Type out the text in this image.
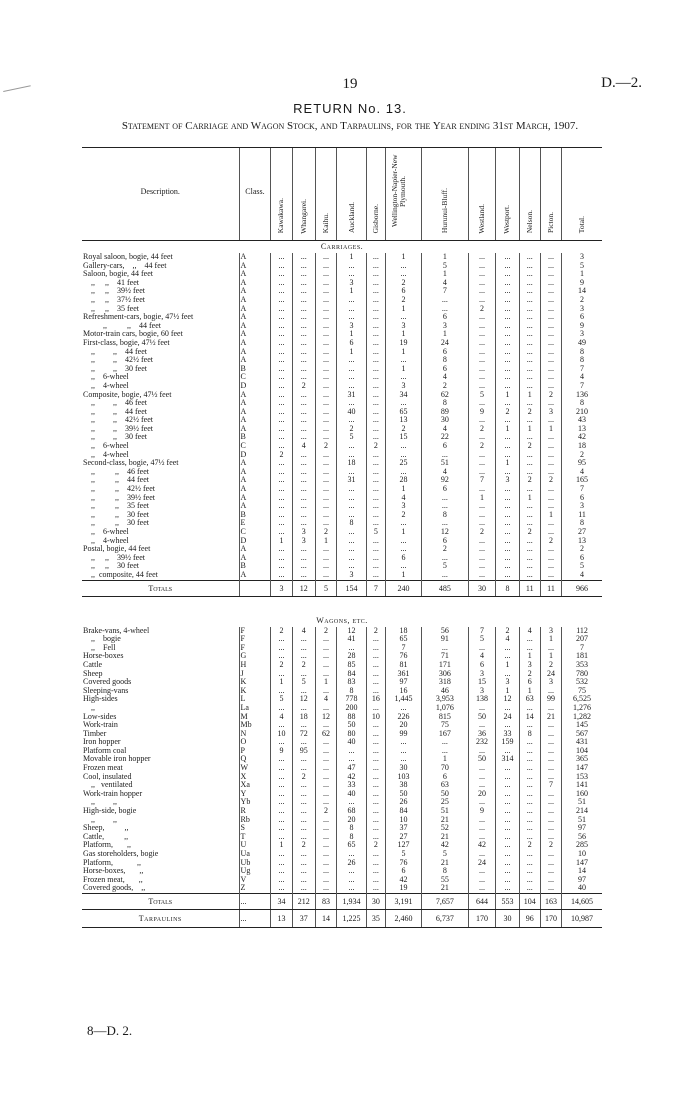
19	D.—2.
RETURN No. 13.
Statement of Carriage and Wagon Stock, and Tarpaulins, for the Year ending 31st March, 1907.
Description.	Class.	Kawakawa.	Whangarei.	Kaihu.	Auckland.	Gisborne.	Wellington-Napier-New Plymouth.	Hurunui-Bluff.	Westland.	Westport.	Nelson.	Picton.	Total.
Carriages.													
Royal saloon, bogie, 44 feet	A	...	...	...	1	...	1	1	...	...	...	...	3
Gallery-cars,    ,,    44 feet	A	...	...	...	...	...	...	5	...	...	...	...	5
Saloon, bogie, 44 feet	A	...	...	...	...	...	...	1	...	...	...	...	1
,,     ,,    41 feet	A	...	...	...	3	...	2	4	...	...	...	...	9
,,     ,,    39½ feet	A	...	...	...	1	...	6	7	...	...	...	...	14
,,     ,,    37½ feet	A	...	...	...	...	...	2	...	...	...	...	...	2
,,     ,,    35 feet	A	...	...	...	...	...	1	...	2	...	...	...	3
Refreshment-cars, bogie, 47½ feet	A	...	...	...	...	...	...	6	...	...	...	...	6
,,          ,,    44 feet	A	...	...	...	3	...	3	3	...	...	...	...	9
Motor-train cars, bogie, 60 feet	A	...	...	...	1	...	1	1	...	...	...	...	3
First-class, bogie, 47½ feet	A	...	...	...	6	...	19	24	...	...	...	...	49
,,         ,,    44 feet	A	...	...	...	1	...	1	6	...	...	...	...	8
,,         ,,    42½ feet	A	...	...	...	...	...	...	8	...	...	...	...	8
,,         ,,    30 feet	B	...	...	...	...	...	1	6	...	...	...	...	7
,,    6-wheel	C	...	...	...	...	...	...	4	...	...	...	...	4
,,    4-wheel	D	...	2	...	...	...	3	2	...	...	...	...	7
Composite, bogie, 47½ feet	A	...	...	...	31	...	34	62	5	1	1	2	136
,,         ,,    46 feet	A	...	...	...	...	...	...	8	...	...	...	...	8
,,         ,,    44 feet	A	...	...	...	40	...	65	89	9	2	2	3	210
,,         ,,    42½ feet	A	...	...	...	...	...	13	30	...	...	...	...	43
,,         ,,    39½ feet	A	...	...	...	2	...	2	4	2	1	1	1	13
,,         ,,    30 feet	B	...	...	...	5	...	15	22	...	...	...	...	42
,,    6-wheel	C	...	4	2	...	2	...	6	2	...	2	...	18
,,    4-wheel	D	2	...	...	...	...	...	...	...	...	...	...	2
Second-class, bogie, 47½ feet	A	...	...	...	18	...	25	51	...	1	...	...	95
,,          ,,    46 feet	A	...	...	...	...	...	...	4	...	...	...	...	4
,,          ,,    44 feet	A	...	...	...	31	...	28	92	7	3	2	2	165
,,          ,,    42½ feet	A	...	...	...	...	...	1	6	...	...	...	...	7
,,          ,,    39½ feet	A	...	...	...	...	...	4	...	1	...	1	...	6
,,          ,,    35 feet	A	...	...	...	...	...	3	...	...	...	...	...	3
,,          ,,    30 feet	B	...	...	...	...	...	2	8	...	...	...	1	11
,,          ,,    30 feet	E	...	...	...	8	...	...	...	...	...	...	...	8
,,    6-wheel	C	...	3	2	...	5	1	12	2	...	2	...	27
,,    4-wheel	D	1	3	1	...	...	...	6	...	...	...	2	13
Postal, bogie, 44 feet	A	...	...	...	...	...	...	2	...	...	...	...	2
,,     ,,    39½ feet	A	...	...	...	...	...	6	...	...	...	...	...	6
,,     ,,    30 feet	B	...	...	...	...	...	...	5	...	...	...	...	5
,,  composite, 44 feet	A	...	...	...	3	...	1	...	...	...	...	...	4
Totals		3	12	5	154	7	240	485	30	8	11	11	966

Wagons, etc.													
Brake-vans, 4-wheel	F	2	4	2	12	2	18	56	7	2	4	3	112
,,    bogie	F	...	...	...	41	...	65	91	5	4	...	1	207
,,    Fell	F	...	...	...	...	...	7	...	...	...	...	...	7
Horse-boxes	G	...	...	...	28	...	76	71	4	...	1	1	181
Cattle	H	2	2	...	85	...	81	171	6	1	3	2	353
Sheep	J	...	...	...	84	...	361	306	3	...	2	24	780
Covered goods	K	1	5	1	83	...	97	318	15	3	6	3	532
Sleeping-vans	K	...	...	...	8	...	16	46	3	1	1	...	75
High-sides	L	5	12	4	778	16	1,445	3,953	138	12	63	99	6,525
,,	La	...	...	...	200	...	...	1,076	...	...	...	...	1,276
Low-sides	M	4	18	12	88	10	226	815	50	24	14	21	1,282
Work-train	Mb	...	...	...	50	...	20	75	...	...	...	...	145
Timber	N	10	72	62	80	...	99	167	36	33	8	...	567
Iron hopper	O	...	...	...	40	...	...	...	232	159	...	...	431
Platform coal	P	9	95	...	...	...	...	...	...	...	...	...	104
Movable iron hopper	Q	...	...	...	...	...	...	1	50	314	...	...	365
Frozen meat	W	...	...	...	47	...	30	70	...	...	...	...	147
Cool, insulated	X	...	2	...	42	...	103	6	...	...	...	...	153
,,   ventilated	Xa	...	...	...	33	...	38	63	...	...	...	7	141
Work-train hopper	Y	...	...	...	40	...	50	50	20	...	...	...	160
,,         ,,	Yb	...	...	...	...	...	26	25	...	...	...	...	51
High-side, bogie	R	...	...	2	68	...	84	51	9	...	...	...	214
,,         ,,	Rb	...	...	...	20	...	10	21	...	...	...	...	51
Sheep,          ,,	S	...	...	...	8	...	37	52	...	...	...	...	97
Cattle,          ,,	T	...	...	...	8	...	27	21	...	...	...	...	56
Platform,       ,,	U	1	2	...	65	2	127	42	42	...	2	2	285
Gas storeholders, bogie	Ua	...	...	...	...	...	5	5	...	...	...	...	10
Platform,            ,,	Ub	...	...	...	26	...	76	21	24	...	...	...	147
Horse-boxes,       ,,	Ug	...	...	...	...	...	6	8	...	...	...	...	14
Frozen meat,       ,,	V	...	...	...	...	...	42	55	...	...	...	...	97
Covered goods,    ,,	Z	...	...	...	...	...	19	21	...	...	...	...	40
Totals	...	34	212	83	1,934	30	3,191	7,657	644	553	104	163	14,605
Tarpaulins	...	13	37	14	1,225	35	2,460	6,737	170	30	96	170	10,987
8—D. 2.
